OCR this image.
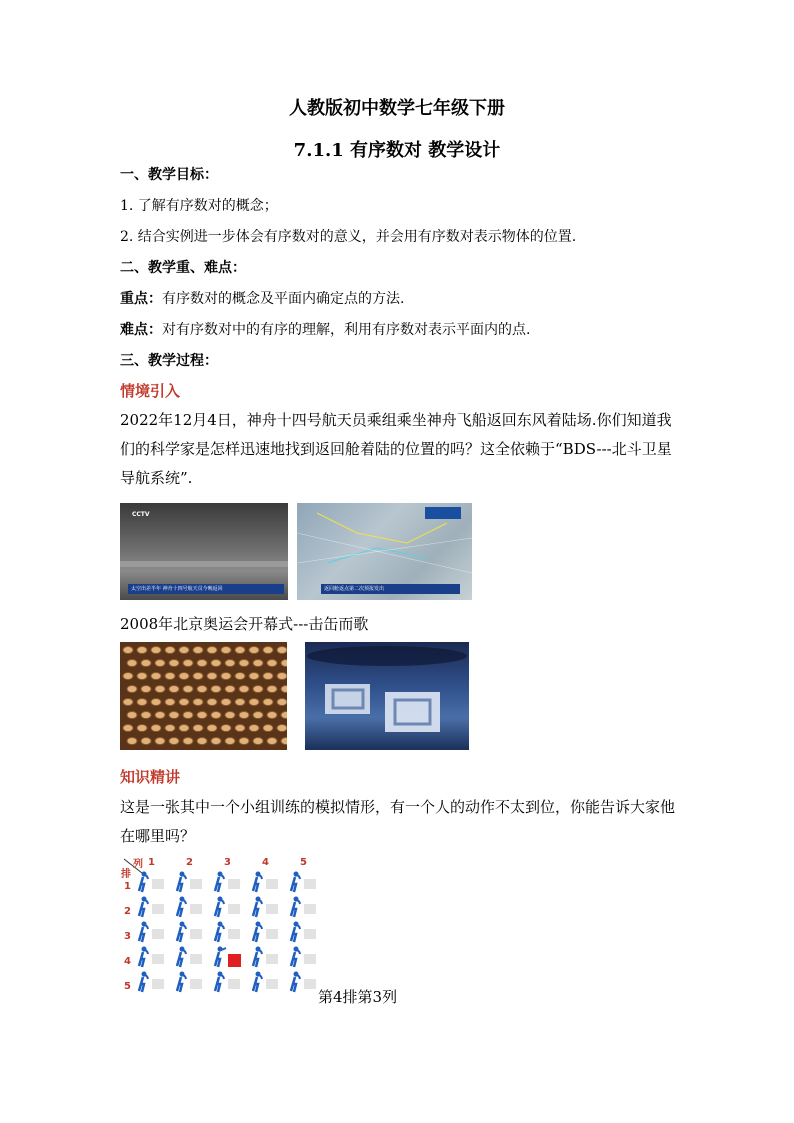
人教版初中数学七年级下册
7.1.1 有序数对 教学设计
一、教学目标：
1. 了解有序数对的概念；
2. 结合实例进一步体会有序数对的意义，并会用有序数对表示物体的位置.
二、教学重、难点：
重点：有序数对的概念及平面内确定点的方法.
难点：对有序数对中的有序的理解，利用有序数对表示平面内的点.
三、教学过程：
情境引入
2022年12月4日，神舟十四号航天员乘组乘坐神舟飞船返回东风着陆场.你们知道我们的科学家是怎样迅速地找到返回舱着陆的位置的吗？这全依赖于“BDS---北斗卫星导航系统”.
CCTV
太空出差半年 神舟十四号航天员今晚返回	返回舱返点第二次预报发出
2008年北京奥运会开幕式---击缶而歌
知识精讲
这是一张其中一个小组训练的模拟情形，有一个人的动作不太到位，你能告诉大家他在哪里吗？
列
排
1	2	3	4	5
1
2
3
4
5
第4排第3列
